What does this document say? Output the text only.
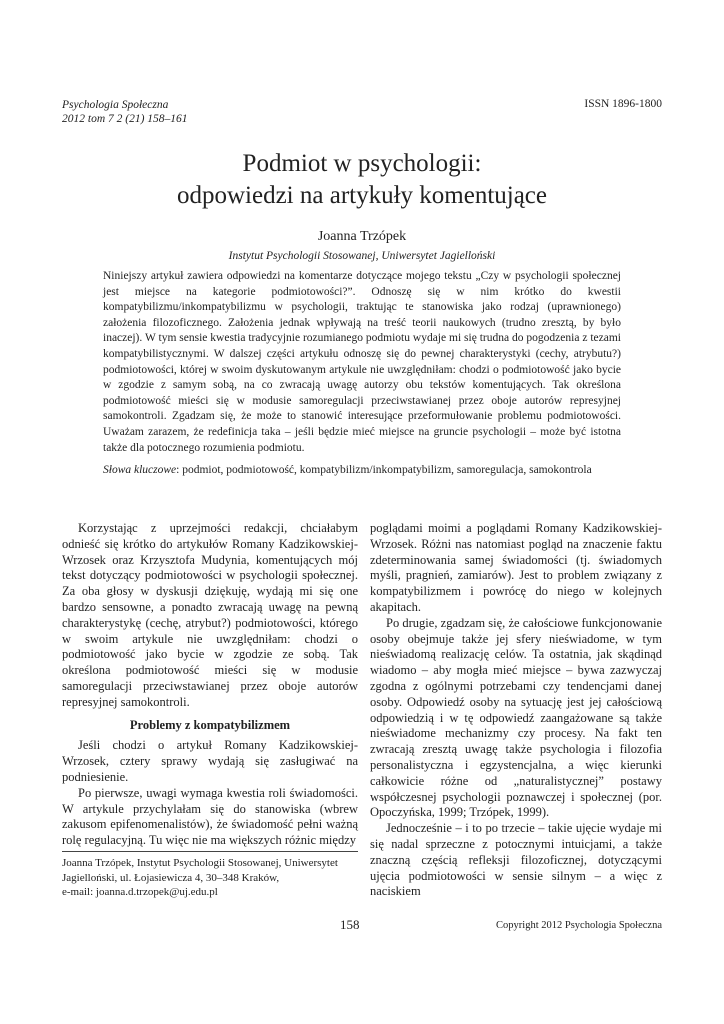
Psychologia Społeczna
2012 tom 7 2 (21) 158–161
ISSN 1896-1800
Podmiot w psychologii:
odpowiedzi na artykuły komentujące
Joanna Trzópek
Instytut Psychologii Stosowanej, Uniwersytet Jagielloński

Niniejszy artykuł zawiera odpowiedzi na komentarze dotyczące mojego tekstu „Czy w psychologii społecznej jest miejsce na kategorie podmiotowości?”. Odnoszę się w nim krótko do kwestii kompatybilizmu/inkompatybilizmu w psychologii, traktując te stanowiska jako rodzaj (uprawnionego) założenia filozoficznego. Założenia jednak wpływają na treść teorii naukowych (trudno zresztą, by było inaczej). W tym sensie kwestia tradycyjnie rozumianego podmiotu wydaje mi się trudna do pogodzenia z tezami kompatybilistycznymi. W dalszej części artykułu odnoszę się do pewnej charakterystyki (cechy, atrybutu?) podmiotowości, której w swoim dyskutowanym artykule nie uwzględniłam: chodzi o podmiotowość jako bycie w zgodzie z samym sobą, na co zwracają uwagę autorzy obu tekstów komentujących. Tak określona podmiotowość mieści się w modusie samoregulacji przeciwstawianej przez oboje autorów represyjnej samokontroli. Zgadzam się, że może to stanowić interesujące przeformułowanie problemu podmiotowości. Uważam zarazem, że redefinicja taka – jeśli będzie mieć miejsce na gruncie psychologii – może być istotna także dla potocznego rozumienia podmiotu.

Słowa kluczowe: podmiot, podmiotowość, kompatybilizm/inkompatybilizm, samoregulacja, samokontrola

Korzystając z uprzejmości redakcji, chciałabym odnieść się krótko do artykułów Romany Kadzikowskiej-Wrzosek oraz Krzysztofa Mudynia, komentujących mój tekst dotyczący podmiotowości w psychologii społecznej. Za oba głosy w dyskusji dziękuję, wydają mi się one bardzo sensowne, a ponadto zwracają uwagę na pewną charakterystykę (cechę, atrybut?) podmiotowości, którego w swoim artykule nie uwzględniłam: chodzi o podmiotowość jako bycie w zgodzie ze sobą. Tak określona podmiotowość mieści się w modusie samoregulacji przeciwstawianej przez oboje autorów represyjnej samokontroli.

Problemy z kompatybilizmem

Jeśli chodzi o artykuł Romany Kadzikowskiej-Wrzosek, cztery sprawy wydają się zasługiwać na podniesienie.

Po pierwsze, uwagi wymaga kwestia roli świadomości. W artykule przychylałam się do stanowiska (wbrew zakusom epifenomenalistów), że świadomość pełni ważną rolę regulacyjną. Tu więc nie ma większych różnic między

poglądami moimi a poglądami Romany Kadzikowskiej-Wrzosek. Różni nas natomiast pogląd na znaczenie faktu zdeterminowania samej świadomości (tj. świadomych myśli, pragnień, zamiarów). Jest to problem związany z kompatybilizmem i powrócę do niego w kolejnych akapitach.

Po drugie, zgadzam się, że całościowe funkcjonowanie osoby obejmuje także jej sfery nieświadome, w tym nieświadomą realizację celów. Ta ostatnia, jak skądinąd wiadomo – aby mogła mieć miejsce – bywa zazwyczaj zgodna z ogólnymi potrzebami czy tendencjami danej osoby. Odpowiedź osoby na sytuację jest jej całościową odpowiedzią i w tę odpowiedź zaangażowane są także nieświadome mechanizmy czy procesy. Na fakt ten zwracają zresztą uwagę także psychologia i filozofia personalistyczna i egzystencjalna, a więc kierunki całkowicie różne od „naturalistycznej” postawy współczesnej psychologii poznawczej i społecznej (por. Opoczyńska, 1999; Trzópek, 1999).

Jednocześnie – i to po trzecie – takie ujęcie wydaje mi się nadal sprzeczne z potocznymi intuicjami, a także znaczną częścią refleksji filozoficznej, dotyczącymi ujęcia podmiotowości w sensie silnym – a więc z naciskiem

Joanna Trzópek, Instytut Psychologii Stosowanej, Uniwersytet Jagielloński, ul. Łojasiewicza 4, 30–348 Kraków,
e-mail: joanna.d.trzopek@uj.edu.pl
158	Copyright 2012 Psychologia Społeczna
